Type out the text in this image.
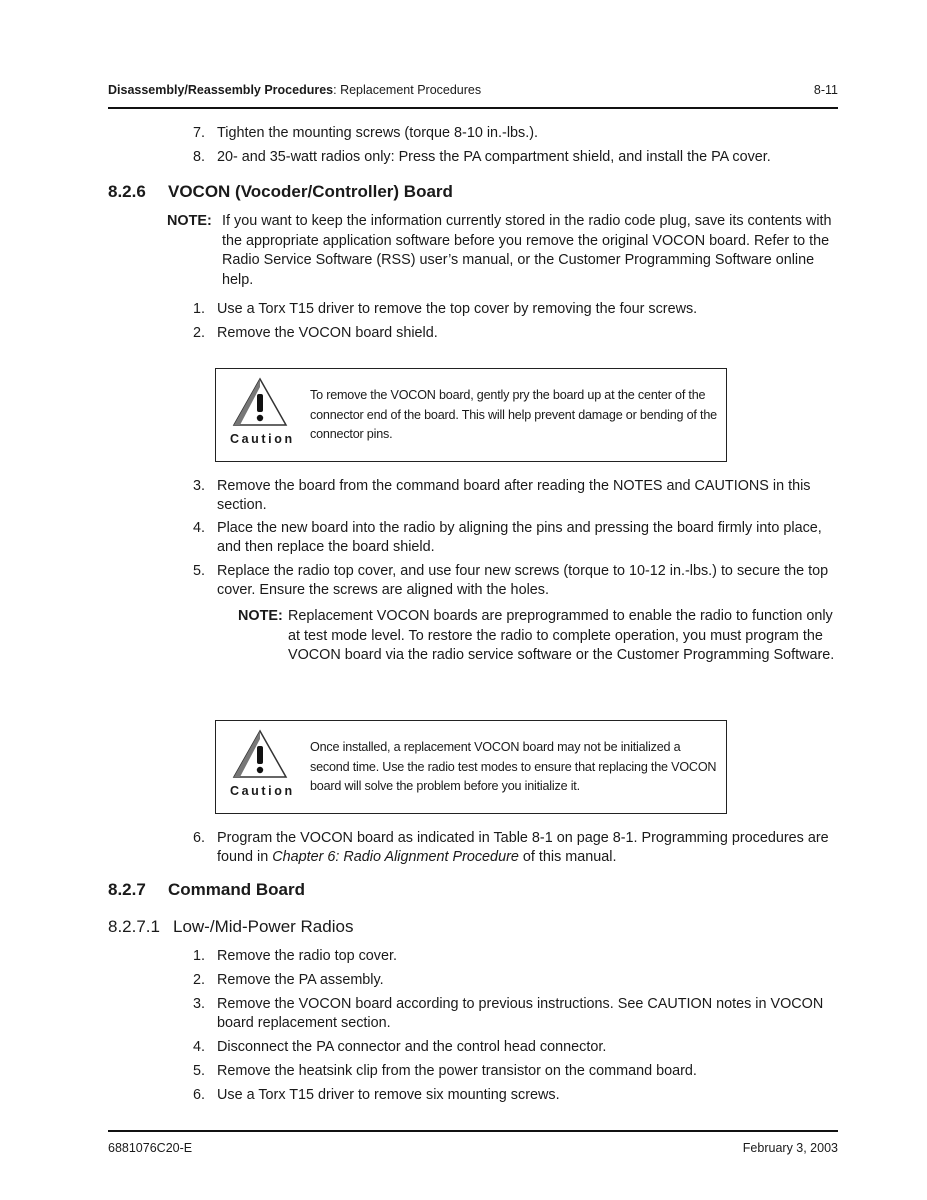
Disassembly/Reassembly Procedures: Replacement Procedures	8-11
7. Tighten the mounting screws (torque 8-10 in.-lbs.).
8. 20- and 35-watt radios only: Press the PA compartment shield, and install the PA cover.
8.2.6 VOCON (Vocoder/Controller) Board
NOTE: If you want to keep the information currently stored in the radio code plug, save its contents with the appropriate application software before you remove the original VOCON board. Refer to the Radio Service Software (RSS) user’s manual, or the Customer Programming Software online help.
1. Use a Torx T15 driver to remove the top cover by removing the four screws.
2. Remove the VOCON board shield.
Caution
To remove the VOCON board, gently pry the board up at the center of the connector end of the board. This will help prevent damage or bending of the connector pins.
3. Remove the board from the command board after reading the NOTES and CAUTIONS in this section.
4. Place the new board into the radio by aligning the pins and pressing the board firmly into place, and then replace the board shield.
5. Replace the radio top cover, and use four new screws (torque to 10-12 in.-lbs.) to secure the top cover. Ensure the screws are aligned with the holes.
NOTE: Replacement VOCON boards are preprogrammed to enable the radio to function only at test mode level. To restore the radio to complete operation, you must program the VOCON board via the radio service software or the Customer Programming Software.
Caution
Once installed, a replacement VOCON board may not be initialized a second time. Use the radio test modes to ensure that replacing the VOCON board will solve the problem before you initialize it.
6. Program the VOCON board as indicated in Table 8-1 on page 8-1. Programming procedures are found in Chapter 6: Radio Alignment Procedure of this manual.
8.2.7 Command Board
8.2.7.1 Low-/Mid-Power Radios
1. Remove the radio top cover.
2. Remove the PA assembly.
3. Remove the VOCON board according to previous instructions. See CAUTION notes in VOCON board replacement section.
4. Disconnect the PA connector and the control head connector.
5. Remove the heatsink clip from the power transistor on the command board.
6. Use a Torx T15 driver to remove six mounting screws.
6881076C20-E	February 3, 2003
